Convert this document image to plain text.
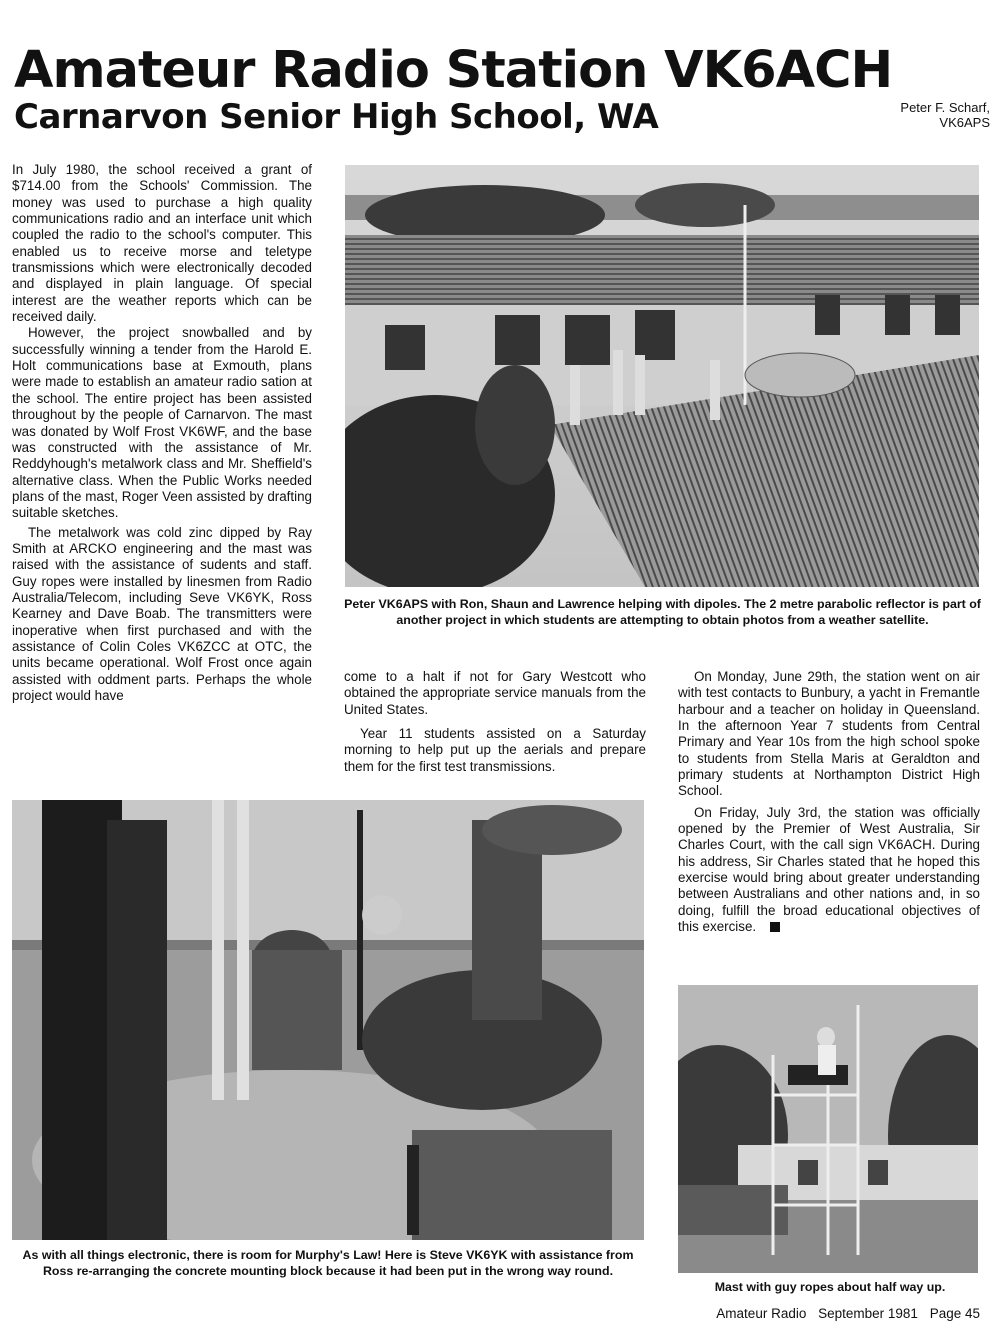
Amateur Radio Station VK6ACH
Carnarvon Senior High School, WA	Peter F. Scharf,
VK6APS

In July 1980, the school received a grant of $714.00 from the Schools' Commission. The money was used to purchase a high quality communications radio and an interface unit which coupled the radio to the school's computer. This enabled us to receive morse and teletype transmissions which were electronically decoded and displayed in plain language. Of special interest are the weather reports which can be received daily.

However, the project snowballed and by successfully winning a tender from the Harold E. Holt communications base at Exmouth, plans were made to establish an amateur radio sation at the school. The entire project has been assisted throughout by the people of Carnarvon. The mast was donated by Wolf Frost VK6WF, and the base was constructed with the assistance of Mr. Reddyhough's metalwork class and Mr. Sheffield's alternative class. When the Public Works needed plans of the mast, Roger Veen assisted by drafting suitable sketches.

The metalwork was cold zinc dipped by Ray Smith at ARCKO engineering and the mast was raised with the assistance of sudents and staff. Guy ropes were installed by linesmen from Radio Australia/Telecom, including Seve VK6YK, Ross Kearney and Dave Boab. The transmitters were inoperative when first purchased and with the assistance of Colin Coles VK6ZCC at OTC, the units became operational. Wolf Frost once again assisted with oddment parts. Perhaps the whole project would have

Peter VK6APS with Ron, Shaun and Lawrence helping with dipoles. The 2 metre parabolic reflector is part of another project in which students are attempting to obtain photos from a weather satellite.

come to a halt if not for Gary Westcott who obtained the appropriate service manuals from the United States.

Year 11 students assisted on a Saturday morning to help put up the aerials and prepare them for the first test transmissions.

On Monday, June 29th, the station went on air with test contacts to Bunbury, a yacht in Fremantle harbour and a teacher on holiday in Queensland. In the afternoon Year 7 students from Central Primary and Year 10s from the high school spoke to students from Stella Maris at Geraldton and primary students at Northampton District High School.

On Friday, July 3rd, the station was officially opened by the Premier of West Australia, Sir Charles Court, with the call sign VK6ACH. During his address, Sir Charles stated that he hoped this exercise would bring about greater understanding between Australians and other nations and, in so doing, fulfill the broad educational objectives of this exercise.

As with all things electronic, there is room for Murphy's Law! Here is Steve VK6YK with assistance from Ross re-arranging the concrete mounting block because it had been put in the wrong way round.
Mast with guy ropes about half way up.
Amateur Radio September 1981 Page 45
